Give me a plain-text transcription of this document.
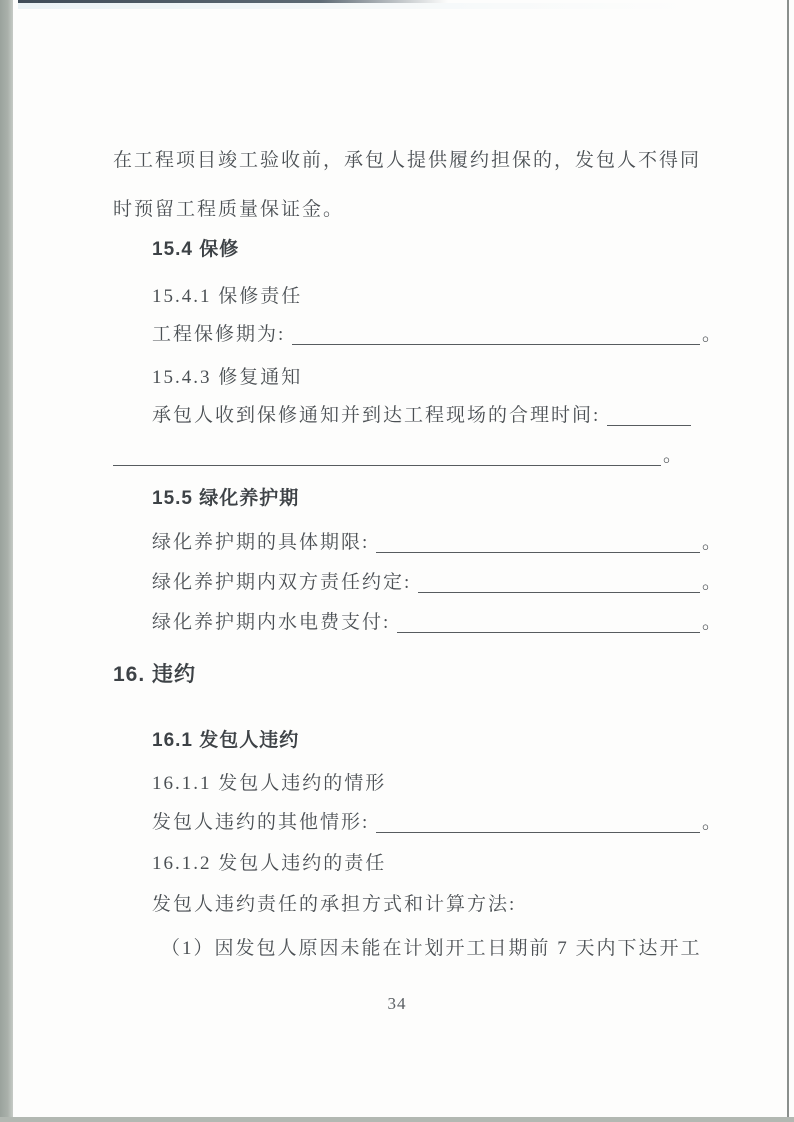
在工程项目竣工验收前，承包人提供履约担保的，发包人不得同
时预留工程质量保证金。
15.4 保修
15.4.1 保修责任
工程保修期为:	。
15.4.3 修复通知
承包人收到保修通知并到达工程现场的合理时间:
。
15.5 绿化养护期
绿化养护期的具体期限:	。
绿化养护期内双方责任约定:	。
绿化养护期内水电费支付:	。
16. 违约
16.1 发包人违约
16.1.1 发包人违约的情形
发包人违约的其他情形:	。
16.1.2 发包人违约的责任
发包人违约责任的承担方式和计算方法:
（1）因发包人原因未能在计划开工日期前 7 天内下达开工
34
